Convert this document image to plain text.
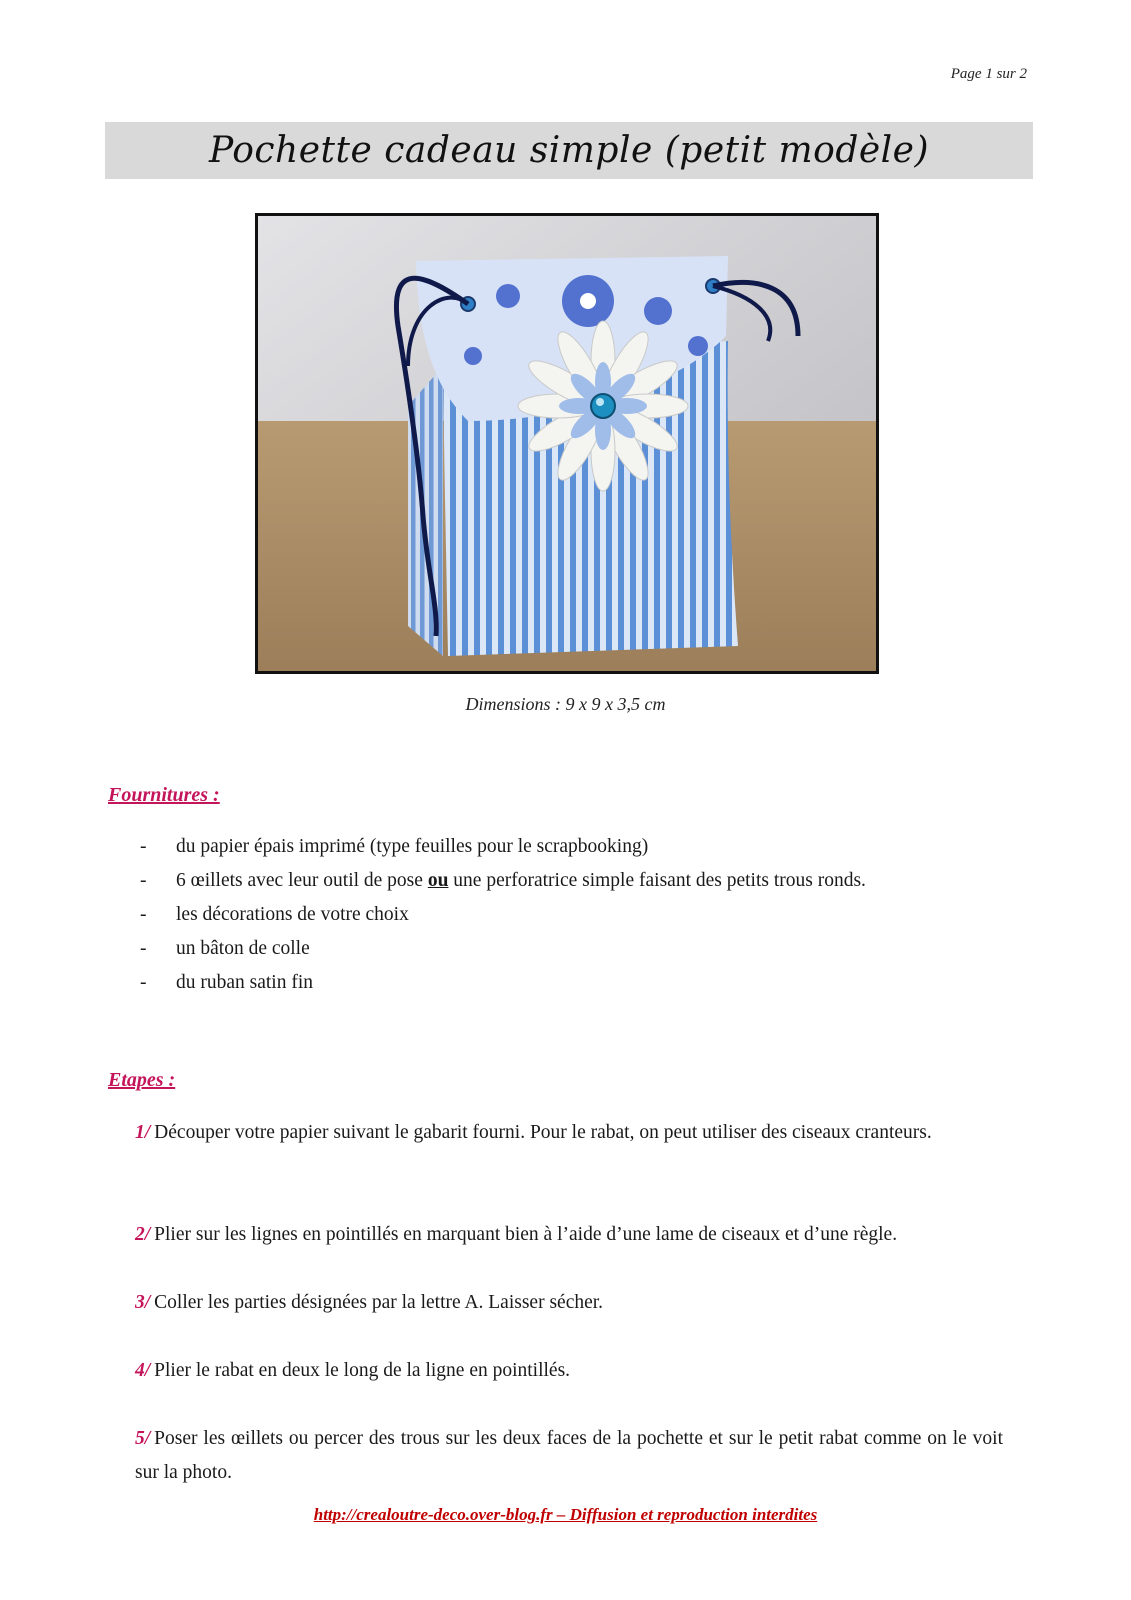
Page 1 sur 2
Pochette cadeau simple (petit modèle)
Dimensions : 9 x 9 x 3,5 cm
Fournitures :
-	du papier épais imprimé (type feuilles pour le scrapbooking)
-	6 œillets avec leur outil de pose ou une perforatrice simple faisant des petits trous ronds.
-	les décorations de votre choix
-	un bâton de colle
-	du ruban satin fin
Etapes :
1/ Découper votre papier suivant le gabarit fourni. Pour le rabat, on peut utiliser des ciseaux cranteurs.
2/ Plier sur les lignes en pointillés en marquant bien à l’aide d’une lame de ciseaux et d’une règle.
3/ Coller les parties désignées par la lettre A. Laisser sécher.
4/ Plier le rabat en deux le long de la ligne en pointillés.
5/ Poser les œillets ou percer des trous sur les deux faces de la pochette et sur le petit rabat comme on le voit sur la photo.
http://crealoutre-deco.over-blog.fr – Diffusion et reproduction interdites
